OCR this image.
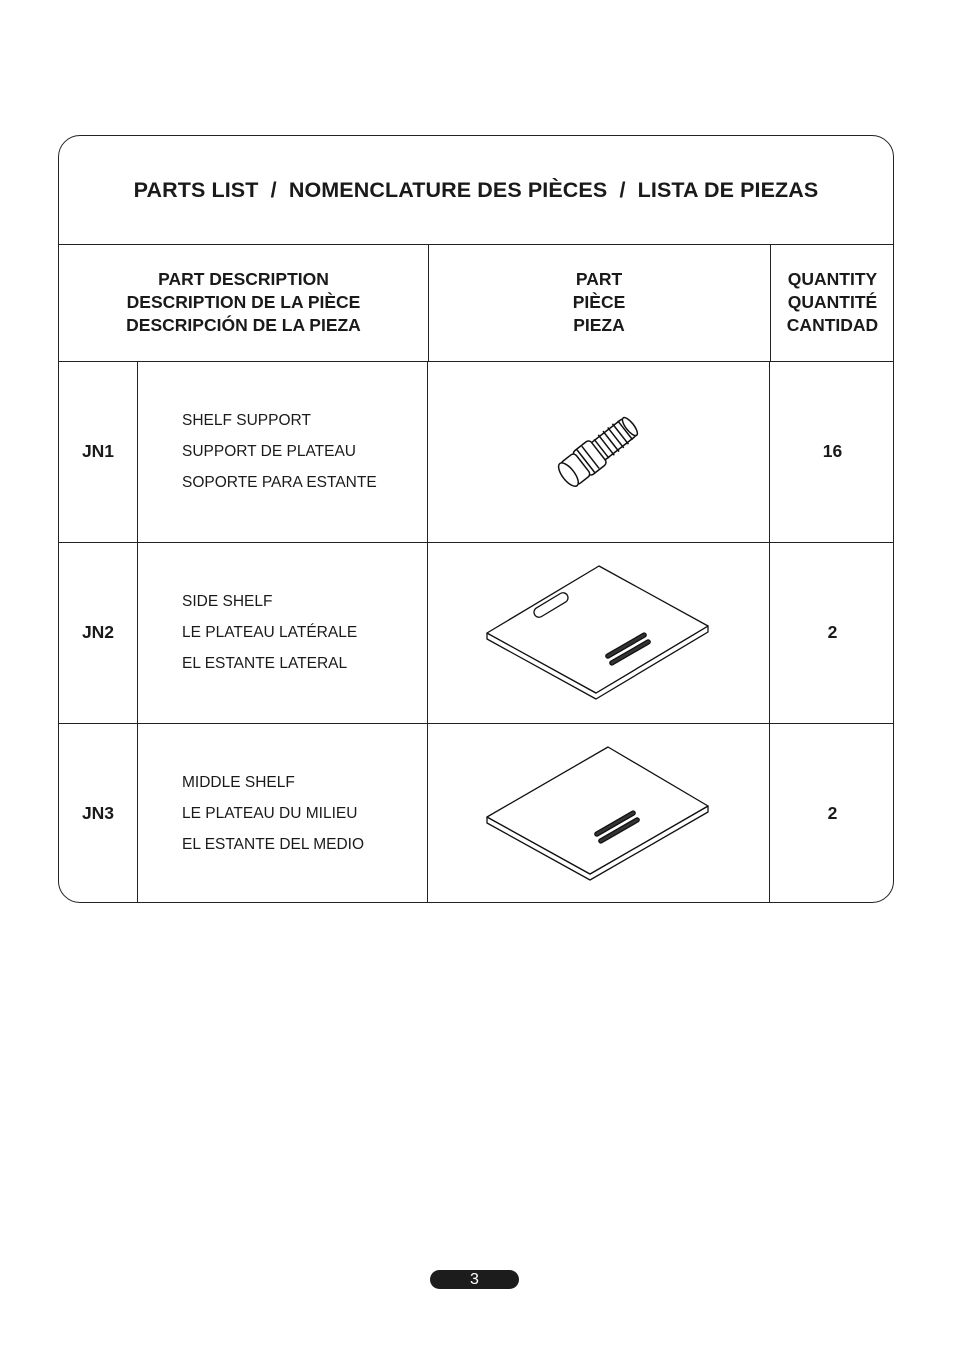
PARTS LIST  /  NOMENCLATURE DES PIÈCES  /  LISTA DE PIEZAS
PART DESCRIPTION
DESCRIPTION DE LA PIÈCE
DESCRIPCIÓN DE LA PIEZA
PART
PIÈCE
PIEZA
QUANTITY
QUANTITÉ
CANTIDAD
JN1
SHELF SUPPORT
SUPPORT DE PLATEAU
SOPORTE PARA ESTANTE
16
JN2
SIDE SHELF
LE PLATEAU LATÉRALE
EL ESTANTE LATERAL
2
JN3
MIDDLE SHELF
LE PLATEAU DU MILIEU
EL ESTANTE DEL MEDIO
2
3
